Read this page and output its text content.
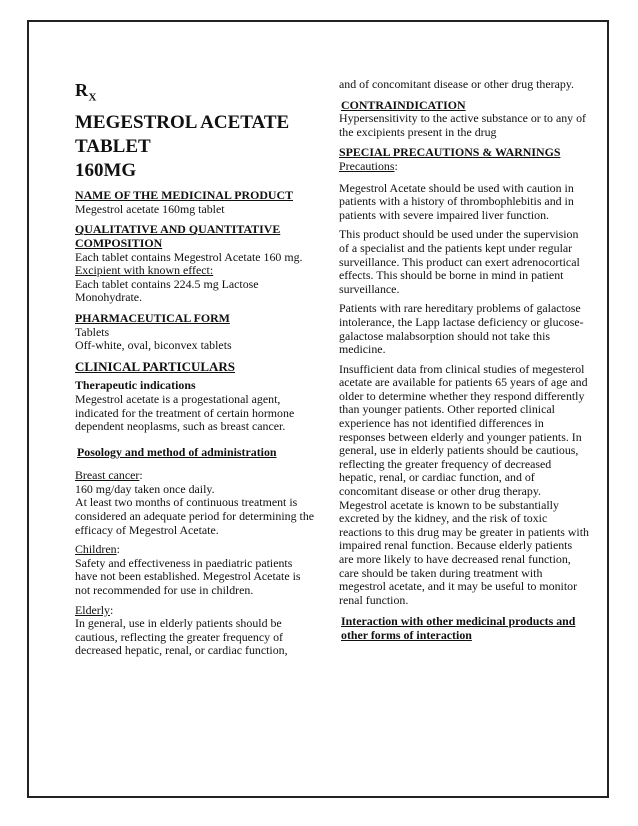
$R_X$
MEGESTROL ACETATE
TABLET
160MG
NAME OF THE MEDICINAL PRODUCT
Megestrol acetate 160mg tablet
QUALITATIVE AND QUANTITATIVE COMPOSITION
Each tablet contains Megestrol Acetate 160 mg.
Excipient with known effect:
Each tablet contains 224.5 mg Lactose Monohydrate.
PHARMACEUTICAL FORM
Tablets
Off-white, oval, biconvex tablets
CLINICAL PARTICULARS
Therapeutic indications
Megestrol acetate is a progestational agent, indicated for the treatment of certain hormone dependent neoplasms, such as breast cancer.
Posology and method of administration
Breast cancer:
160 mg/day taken once daily.
At least two months of continuous treatment is considered an adequate period for determining the efficacy of Megestrol Acetate.
Children:
Safety and effectiveness in paediatric patients have not been established. Megestrol Acetate is not recommended for use in children.
Elderly:
In general, use in elderly patients should be cautious, reflecting the greater frequency of decreased hepatic, renal, or cardiac function,
and of concomitant disease or other drug therapy.
CONTRAINDICATION
Hypersensitivity to the active substance or to any of the excipients present in the drug
SPECIAL PRECAUTIONS & WARNINGS
Precautions:
Megestrol Acetate should be used with caution in patients with a history of thrombophlebitis and in patients with severe impaired liver function.
This product should be used under the supervision of a specialist and the patients kept under regular surveillance. This product can exert adrenocortical effects. This should be borne in mind in patient surveillance.
Patients with rare hereditary problems of galactose intolerance, the Lapp lactase deficiency or glucose-galactose malabsorption should not take this medicine.
Insufficient data from clinical studies of megesterol acetate are available for patients 65 years of age and older to determine whether they respond differently than younger patients. Other reported clinical experience has not identified differences in responses between elderly and younger patients. In general, use in elderly patients should be cautious, reflecting the greater frequency of decreased hepatic, renal, or cardiac function, and of concomitant disease or other drug therapy. Megestrol acetate is known to be substantially excreted by the kidney, and the risk of toxic reactions to this drug may be greater in patients with impaired renal function. Because elderly patients are more likely to have decreased renal function, care should be taken during treatment with megestrol acetate, and it may be useful to monitor renal function.
Interaction with other medicinal products and other forms of interaction
